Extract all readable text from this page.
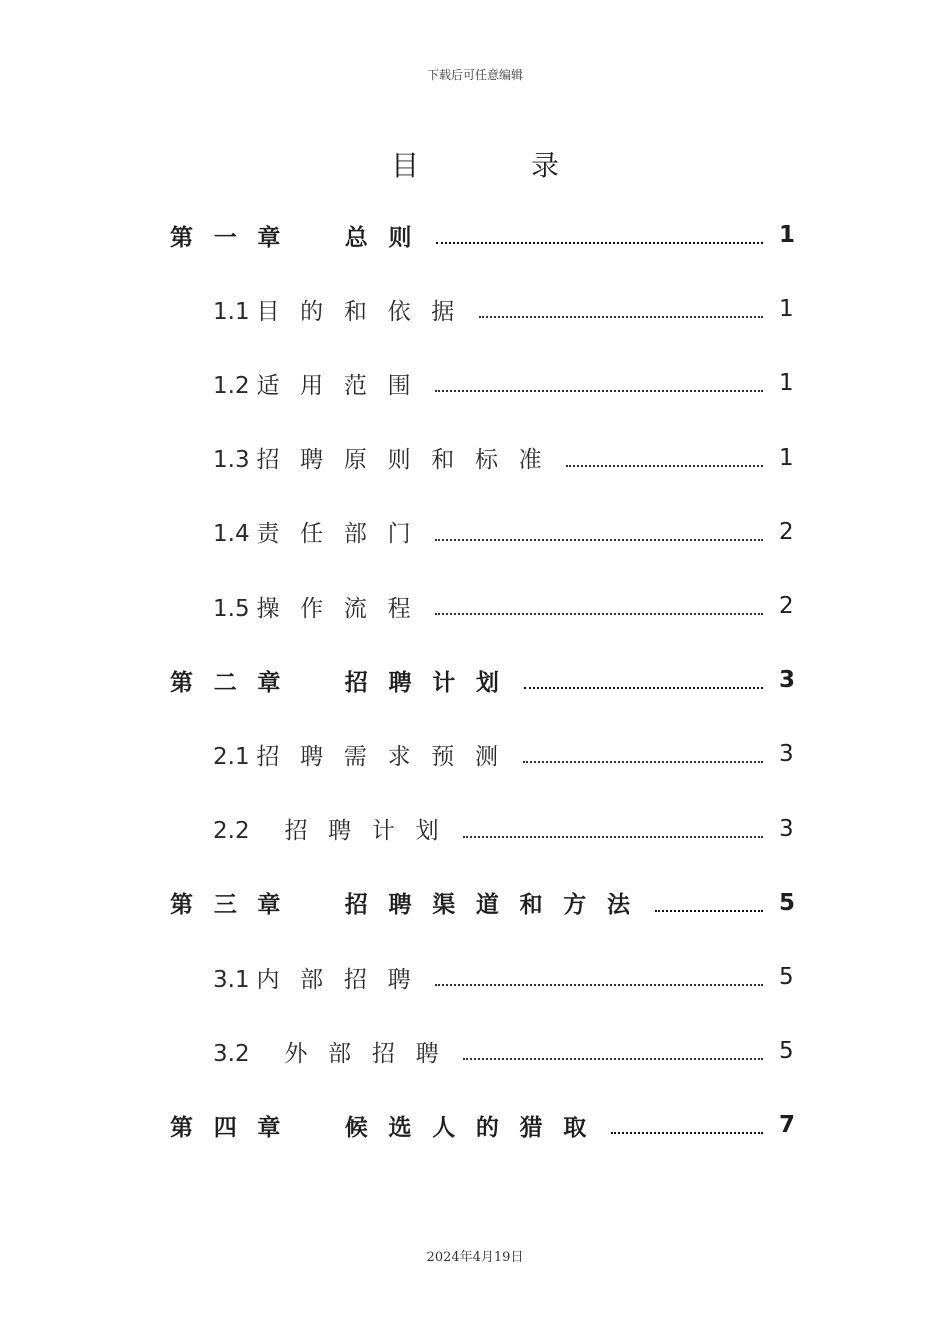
下载后可任意编辑
目	录
第一章　总则	1
1.1 目的和依据	1
1.2 适用范围	1
1.3 招聘原则和标准	1
1.4 责任部门	2
1.5 操作流程	2
第二章　招聘计划	3
2.1 招聘需求预测	3
2.2 招聘计划	3
第三章　招聘渠道和方法	5
3.1 内部招聘	5
3.2 外部招聘	5
第四章　候选人的猎取	7
2024年4月19日
